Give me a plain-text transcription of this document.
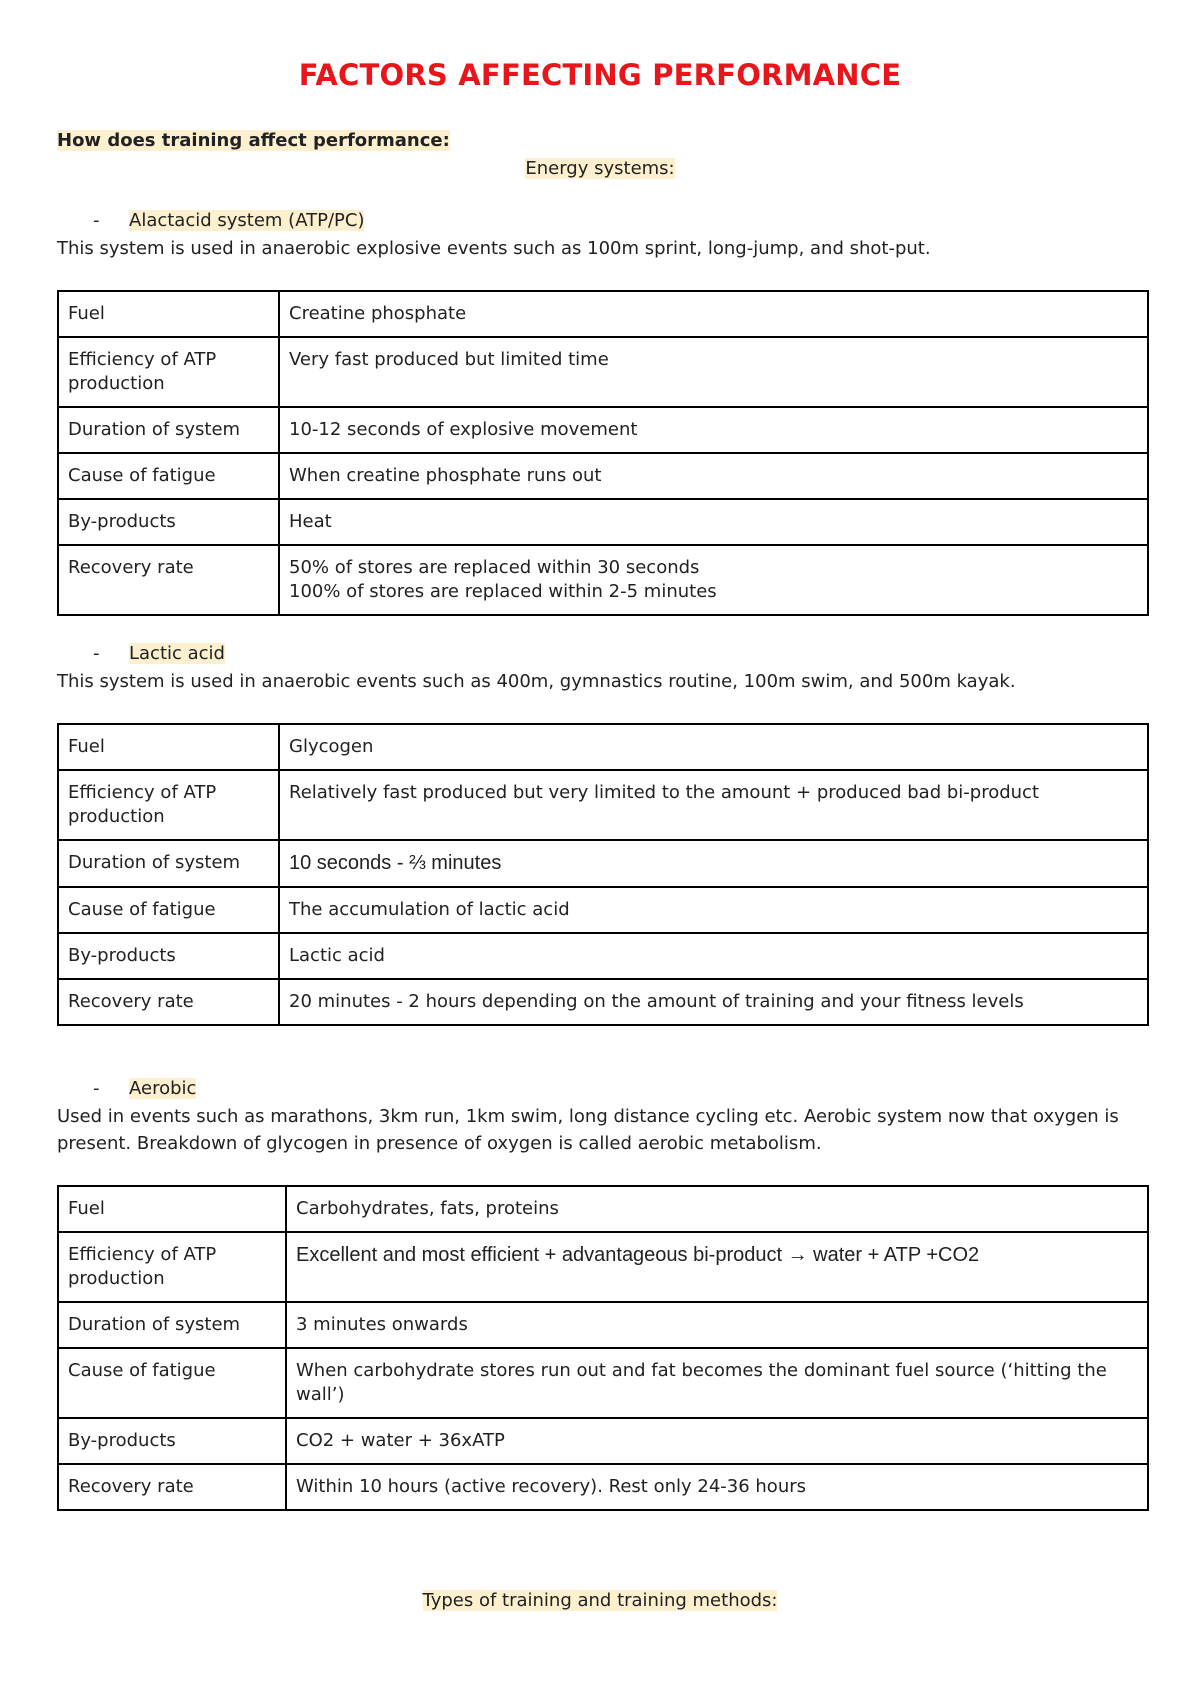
FACTORS AFFECTING PERFORMANCE
How does training affect performance:
Energy systems:
- Alactacid system (ATP/PC)
This system is used in anaerobic explosive events such as 100m sprint, long-jump, and shot-put.
Fuel	Creatine phosphate
Efficiency of ATP production	Very fast produced but limited time
Duration of system	10-12 seconds of explosive movement
Cause of fatigue	When creatine phosphate runs out
By-products	Heat
Recovery rate	50% of stores are replaced within 30 seconds
100% of stores are replaced within 2-5 minutes
- Lactic acid
This system is used in anaerobic events such as 400m, gymnastics routine, 100m swim, and 500m kayak.
Fuel	Glycogen
Efficiency of ATP production	Relatively fast produced but very limited to the amount + produced bad bi-product
Duration of system	10 seconds - ⅔ minutes
Cause of fatigue	The accumulation of lactic acid
By-products	Lactic acid
Recovery rate	20 minutes - 2 hours depending on the amount of training and your fitness levels
- Aerobic
Used in events such as marathons, 3km run, 1km swim, long distance cycling etc. Aerobic system now that oxygen is present. Breakdown of glycogen in presence of oxygen is called aerobic metabolism.
Fuel	Carbohydrates, fats, proteins
Efficiency of ATP production	Excellent and most efficient + advantageous bi-product → water + ATP +CO2
Duration of system	3 minutes onwards
Cause of fatigue	When carbohydrate stores run out and fat becomes the dominant fuel source (‘hitting the wall’)
By-products	CO2 + water + 36xATP
Recovery rate	Within 10 hours (active recovery). Rest only 24-36 hours
Types of training and training methods:
